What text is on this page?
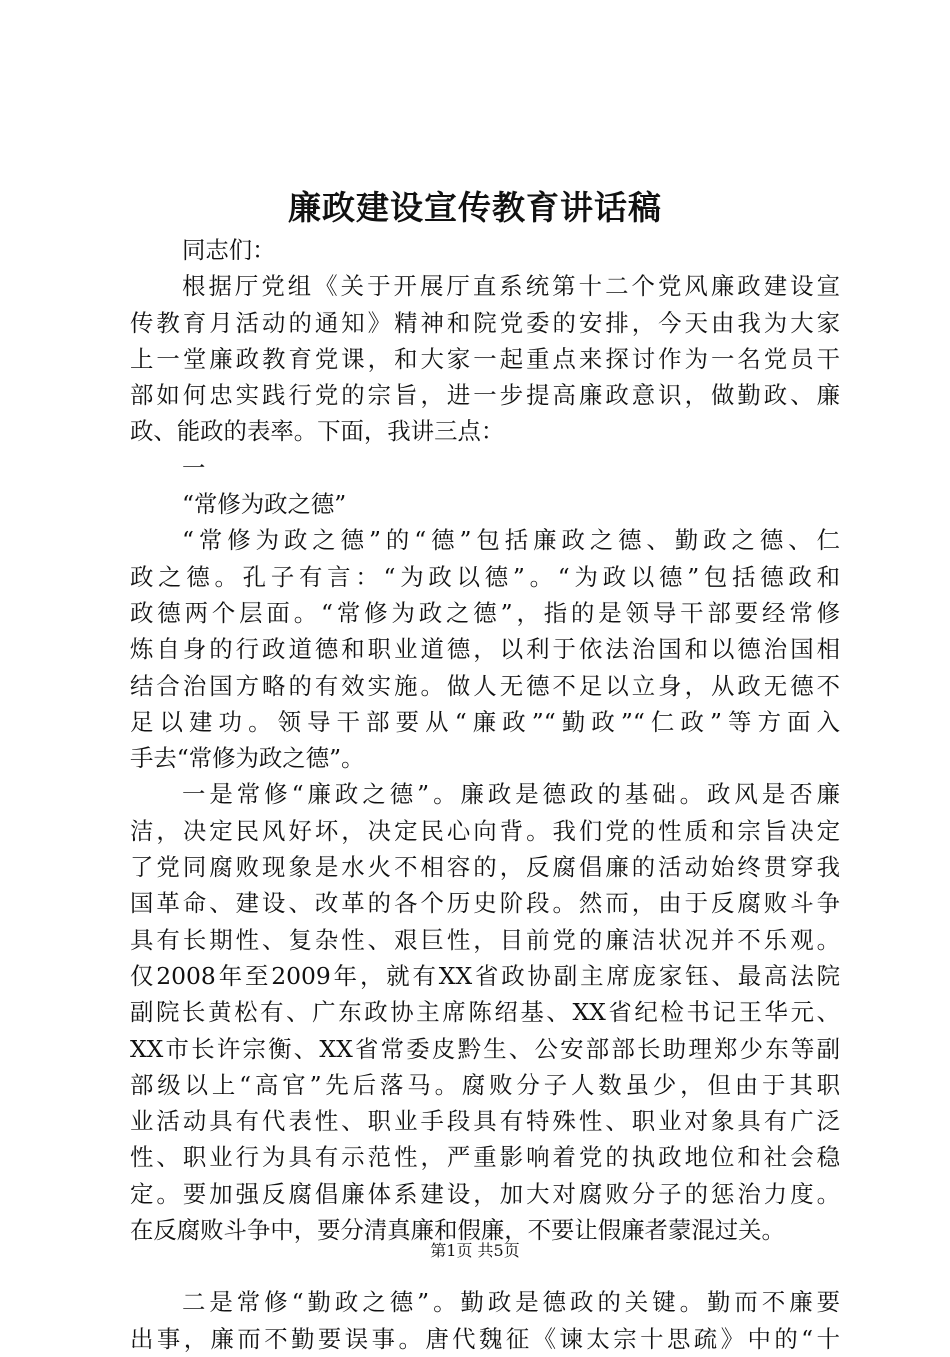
廉政建设宣传教育讲话稿
同志们：
根据厅党组《关于开展厅直系统第十二个党风廉政建设宣
传教育月活动的通知》精神和院党委的安排，今天由我为大家
上一堂廉政教育党课，和大家一起重点来探讨作为一名党员干
部如何忠实践行党的宗旨，进一步提高廉政意识，做勤政、廉
政、能政的表率。下面，我讲三点：
一
“常修为政之德”
“常修为政之德”的“德”包括廉政之德、勤政之德、仁
政之德。孔子有言：“为政以德”。“为政以德”包括德政和
政德两个层面。“常修为政之德”，指的是领导干部要经常修
炼自身的行政道德和职业道德，以利于依法治国和以德治国相
结合治国方略的有效实施。做人无德不足以立身，从政无德不
足以建功。领导干部要从“廉政”“勤政”“仁政”等方面入
手去“常修为政之德”。
一是常修“廉政之德”。廉政是德政的基础。政风是否廉
洁，决定民风好坏，决定民心向背。我们党的性质和宗旨决定
了党同腐败现象是水火不相容的，反腐倡廉的活动始终贯穿我
国革命、建设、改革的各个历史阶段。然而，由于反腐败斗争
具有长期性、复杂性、艰巨性，目前党的廉洁状况并不乐观。
仅2008年至2009年，就有XX省政协副主席庞家钰、最高法院
副院长黄松有、广东政协主席陈绍基、XX省纪检书记王华元、
XX市长许宗衡、XX省常委皮黔生、公安部部长助理郑少东等副
部级以上“高官”先后落马。腐败分子人数虽少，但由于其职
业活动具有代表性、职业手段具有特殊性、职业对象具有广泛
性、职业行为具有示范性，严重影响着党的执政地位和社会稳
定。要加强反腐倡廉体系建设，加大对腐败分子的惩治力度。
在反腐败斗争中，要分清真廉和假廉，不要让假廉者蒙混过关。
二是常修“勤政之德”。勤政是德政的关键。勤而不廉要
出事，廉而不勤要误事。唐代魏征《谏太宗十思疏》中的“十
第1页 共5页
